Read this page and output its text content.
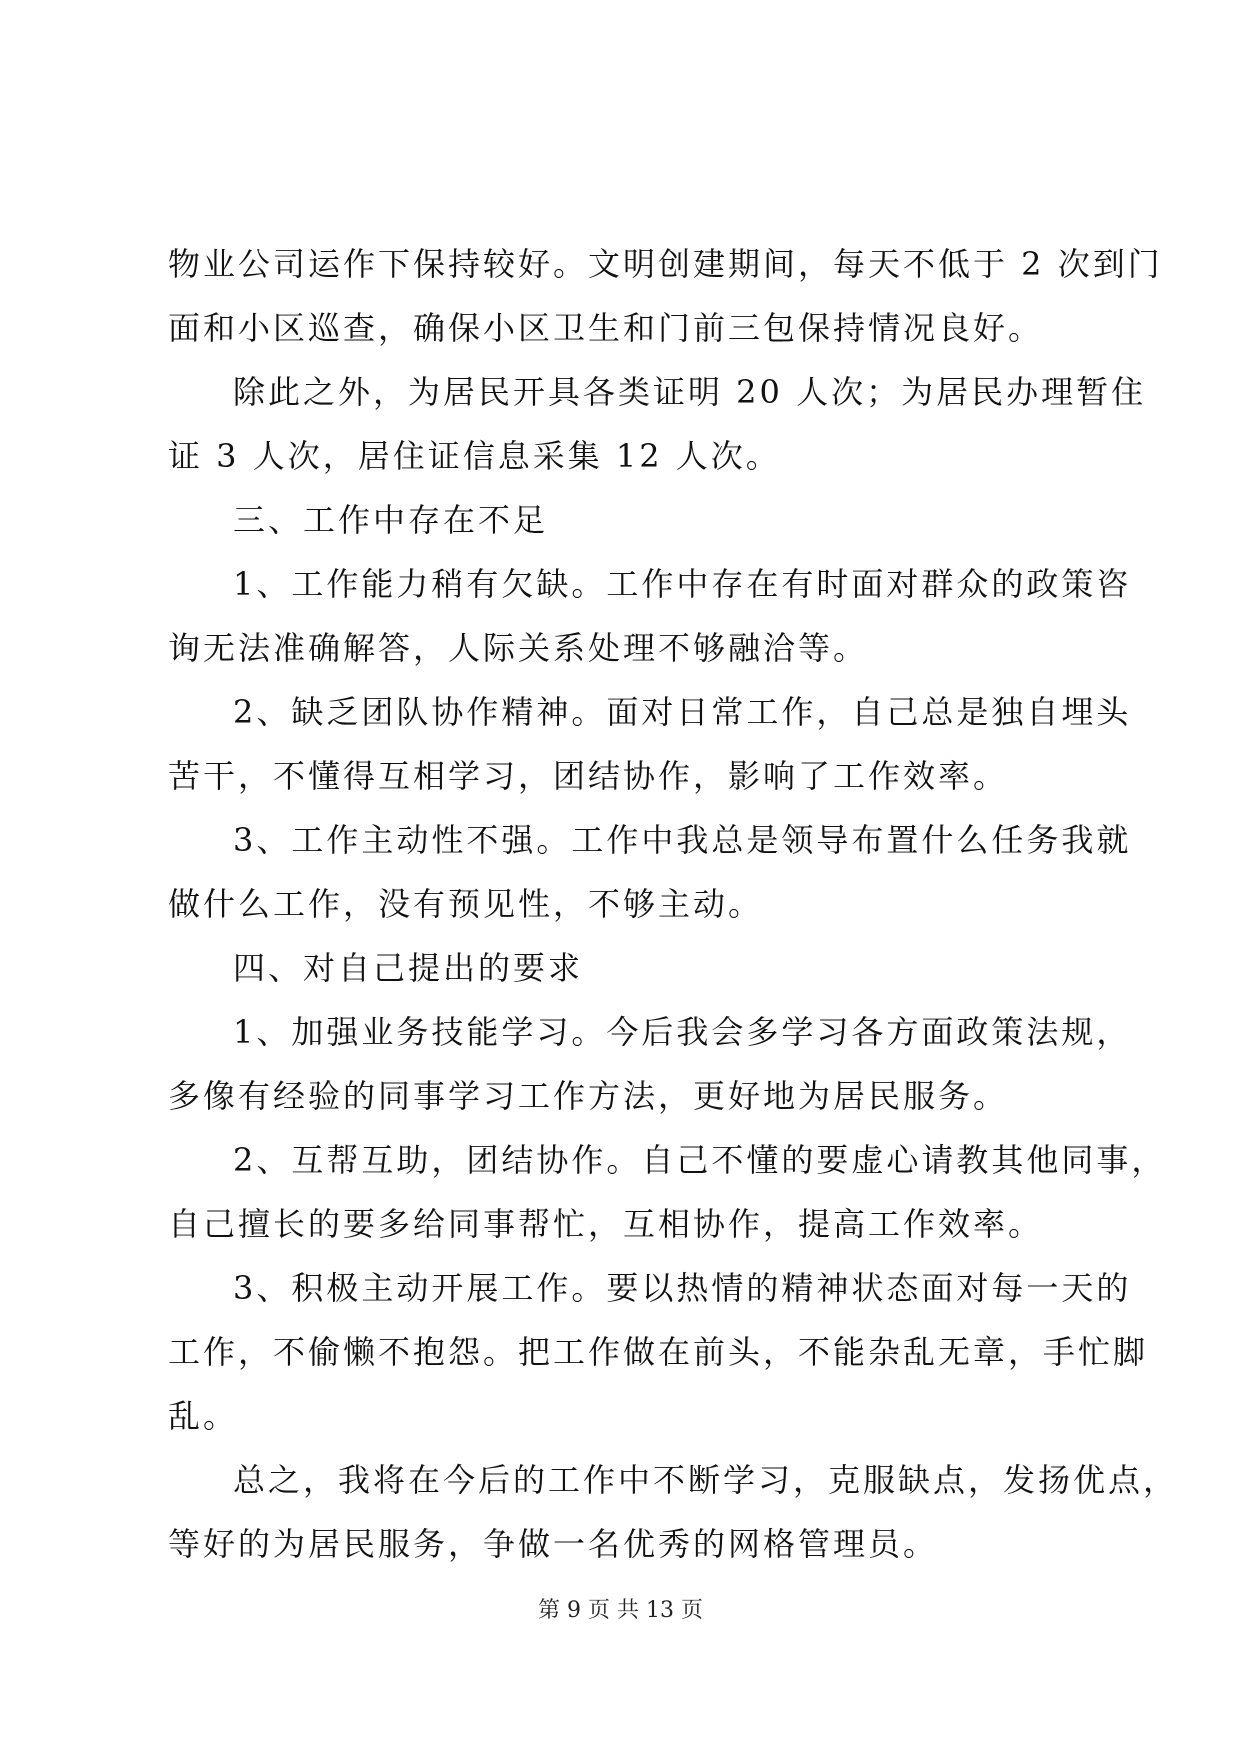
物业公司运作下保持较好。文明创建期间，每天不低于 2 次到门
面和小区巡查，确保小区卫生和门前三包保持情况良好。
除此之外，为居民开具各类证明 20 人次；为居民办理暂住
证 3 人次，居住证信息采集 12 人次。
三、工作中存在不足
1、工作能力稍有欠缺。工作中存在有时面对群众的政策咨
询无法准确解答，人际关系处理不够融洽等。
2、缺乏团队协作精神。面对日常工作，自己总是独自埋头
苦干，不懂得互相学习，团结协作，影响了工作效率。
3、工作主动性不强。工作中我总是领导布置什么任务我就
做什么工作，没有预见性，不够主动。
四、对自己提出的要求
1、加强业务技能学习。今后我会多学习各方面政策法规，
多像有经验的同事学习工作方法，更好地为居民服务。
2、互帮互助，团结协作。自己不懂的要虚心请教其他同事，
自己擅长的要多给同事帮忙，互相协作，提高工作效率。
3、积极主动开展工作。要以热情的精神状态面对每一天的
工作，不偷懒不抱怨。把工作做在前头，不能杂乱无章，手忙脚
乱。
总之，我将在今后的工作中不断学习，克服缺点，发扬优点，
等好的为居民服务，争做一名优秀的网格管理员。
第 9 页 共 13 页
